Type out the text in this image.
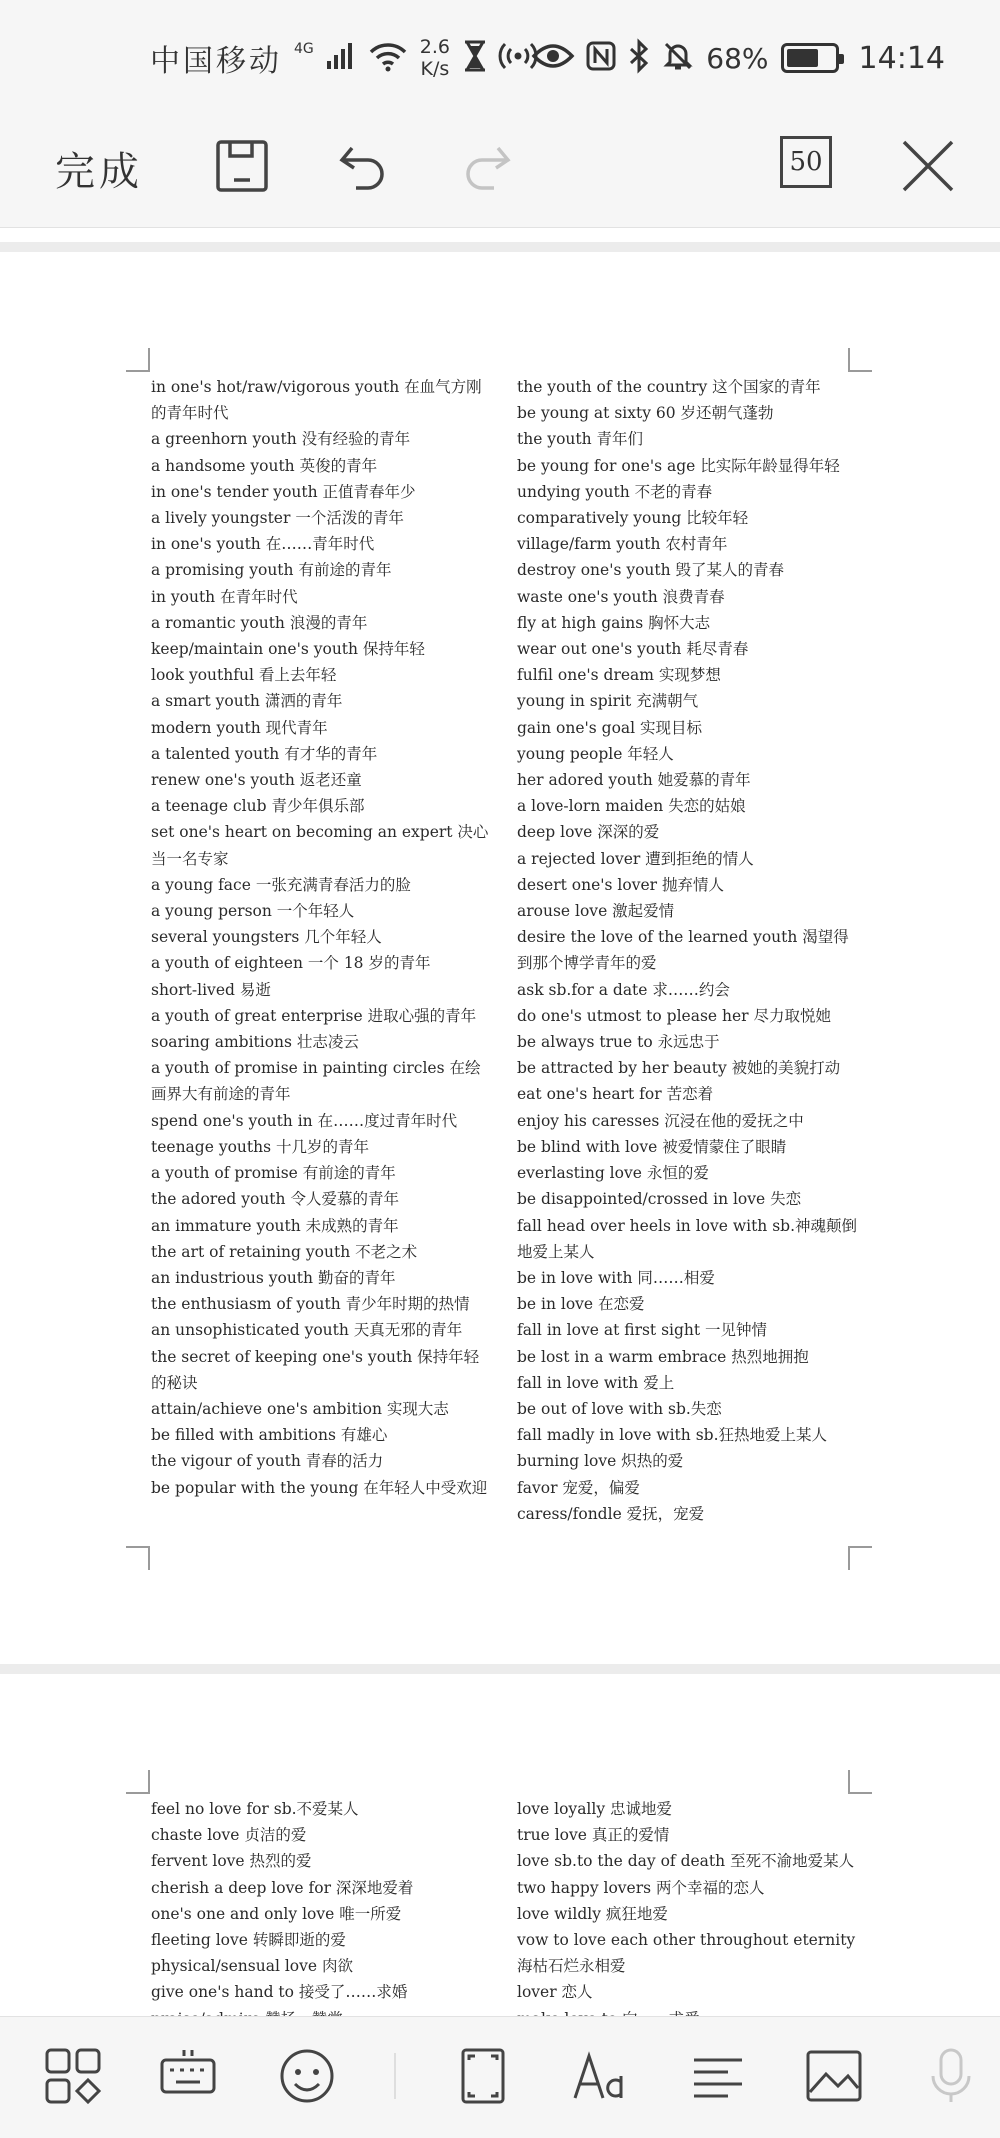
中国移动 4G	2.6
K/s	68%	14:14
完成	50

in one's hot/raw/vigorous youth 在血气方刚的青年时代

a greenhorn youth 没有经验的青年

a handsome youth 英俊的青年

in one's tender youth 正值青春年少

a lively youngster 一个活泼的青年

in one's youth 在……青年时代

a promising youth 有前途的青年

in youth 在青年时代

a romantic youth 浪漫的青年

keep/maintain one's youth 保持年轻

look youthful 看上去年轻

a smart youth 潇洒的青年

modern youth 现代青年

a talented youth 有才华的青年

renew one's youth 返老还童

a teenage club 青少年俱乐部

set one's heart on becoming an expert 决心当一名专家

a young face 一张充满青春活力的脸

a young person 一个年轻人

several youngsters 几个年轻人

a youth of eighteen 一个 18 岁的青年

short-lived 易逝

a youth of great enterprise 进取心强的青年

soaring ambitions 壮志凌云

a youth of promise in painting circles 在绘画界大有前途的青年

spend one's youth in 在……度过青年时代

teenage youths 十几岁的青年

a youth of promise 有前途的青年

the adored youth 令人爱慕的青年

an immature youth 未成熟的青年

the art of retaining youth 不老之术

an industrious youth 勤奋的青年

the enthusiasm of youth 青少年时期的热情

an unsophisticated youth 天真无邪的青年

the secret of keeping one's youth 保持年轻的秘诀

attain/achieve one's ambition 实现大志

be filled with ambitions 有雄心

the vigour of youth 青春的活力

be popular with the young 在年轻人中受欢迎

the youth of the country 这个国家的青年

be young at sixty 60 岁还朝气蓬勃

the youth 青年们

be young for one's age 比实际年龄显得年轻

undying youth 不老的青春

comparatively young 比较年轻

village/farm youth 农村青年

destroy one's youth 毁了某人的青春

waste one's youth 浪费青春

fly at high gains 胸怀大志

wear out one's youth 耗尽青春

fulfil one's dream 实现梦想

young in spirit 充满朝气

gain one's goal 实现目标

young people 年轻人

her adored youth 她爱慕的青年

a love-lorn maiden 失恋的姑娘

deep love 深深的爱

a rejected lover 遭到拒绝的情人

desert one's lover 抛弃情人

arouse love 激起爱情

desire the love of the learned youth 渴望得到那个博学青年的爱

ask sb.for a date 求……约会

do one's utmost to please her 尽力取悦她

be always true to 永远忠于

be attracted by her beauty 被她的美貌打动

eat one's heart for 苦恋着

enjoy his caresses 沉浸在他的爱抚之中

be blind with love 被爱情蒙住了眼睛

everlasting love 永恒的爱

be disappointed/crossed in love 失恋

fall head over heels in love with sb.神魂颠倒地爱上某人

be in love with 同……相爱

be in love 在恋爱

fall in love at first sight 一见钟情

be lost in a warm embrace 热烈地拥抱

fall in love with 爱上

be out of love with sb.失恋

fall madly in love with sb.狂热地爱上某人

burning love 炽热的爱

favor 宠爱，偏爱

caress/fondle 爱抚，宠爱

feel no love for sb.不爱某人

chaste love 贞洁的爱

fervent love 热烈的爱

cherish a deep love for 深深地爱着

one's one and only love 唯一所爱

fleeting love 转瞬即逝的爱

physical/sensual love 肉欲

give one's hand to 接受了……求婚

love loyally 忠诚地爱

true love 真正的爱情

love sb.to the day of death 至死不渝地爱某人

two happy lovers 两个幸福的恋人

love wildly 疯狂地爱

vow to love each other throughout eternity 海枯石烂永相爱

lover 恋人
